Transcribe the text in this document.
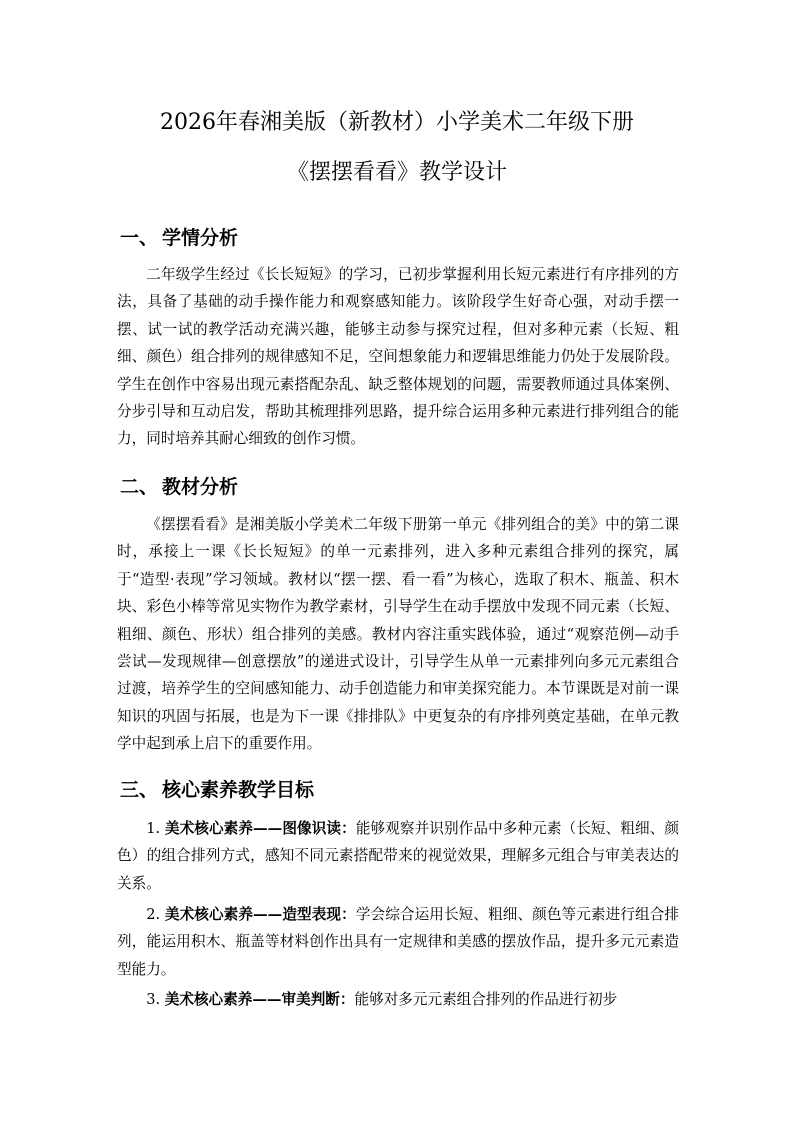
2026年春湘美版（新教材）小学美术二年级下册
《摆摆看看》教学设计
一、 学情分析

二年级学生经过《长长短短》的学习，已初步掌握利用长短元素进行有序排列的方法，具备了基础的动手操作能力和观察感知能力。该阶段学生好奇心强，对动手摆一摆、试一试的教学活动充满兴趣，能够主动参与探究过程，但对多种元素（长短、粗细、颜色）组合排列的规律感知不足，空间想象能力和逻辑思维能力仍处于发展阶段。学生在创作中容易出现元素搭配杂乱、缺乏整体规划的问题，需要教师通过具体案例、分步引导和互动启发，帮助其梳理排列思路，提升综合运用多种元素进行排列组合的能力，同时培养其耐心细致的创作习惯。

二、 教材分析

《摆摆看看》是湘美版小学美术二年级下册第一单元《排列组合的美》中的第二课时，承接上一课《长长短短》的单一元素排列，进入多种元素组合排列的探究，属于“造型·表现”学习领域。教材以“摆一摆、看一看”为核心，选取了积木、瓶盖、积木块、彩色小棒等常见实物作为教学素材，引导学生在动手摆放中发现不同元素（长短、粗细、颜色、形状）组合排列的美感。教材内容注重实践体验，通过“观察范例—动手尝试—发现规律—创意摆放”的递进式设计，引导学生从单一元素排列向多元元素组合过渡，培养学生的空间感知能力、动手创造能力和审美探究能力。本节课既是对前一课知识的巩固与拓展，也是为下一课《排排队》中更复杂的有序排列奠定基础，在单元教学中起到承上启下的重要作用。

三、 核心素养教学目标

1. 美术核心素养——图像识读：能够观察并识别作品中多种元素（长短、粗细、颜色）的组合排列方式，感知不同元素搭配带来的视觉效果，理解多元组合与审美表达的关系。

2. 美术核心素养——造型表现：学会综合运用长短、粗细、颜色等元素进行组合排列，能运用积木、瓶盖等材料创作出具有一定规律和美感的摆放作品，提升多元元素造型能力。

3. 美术核心素养——审美判断：能够对多元元素组合排列的作品进行初步
